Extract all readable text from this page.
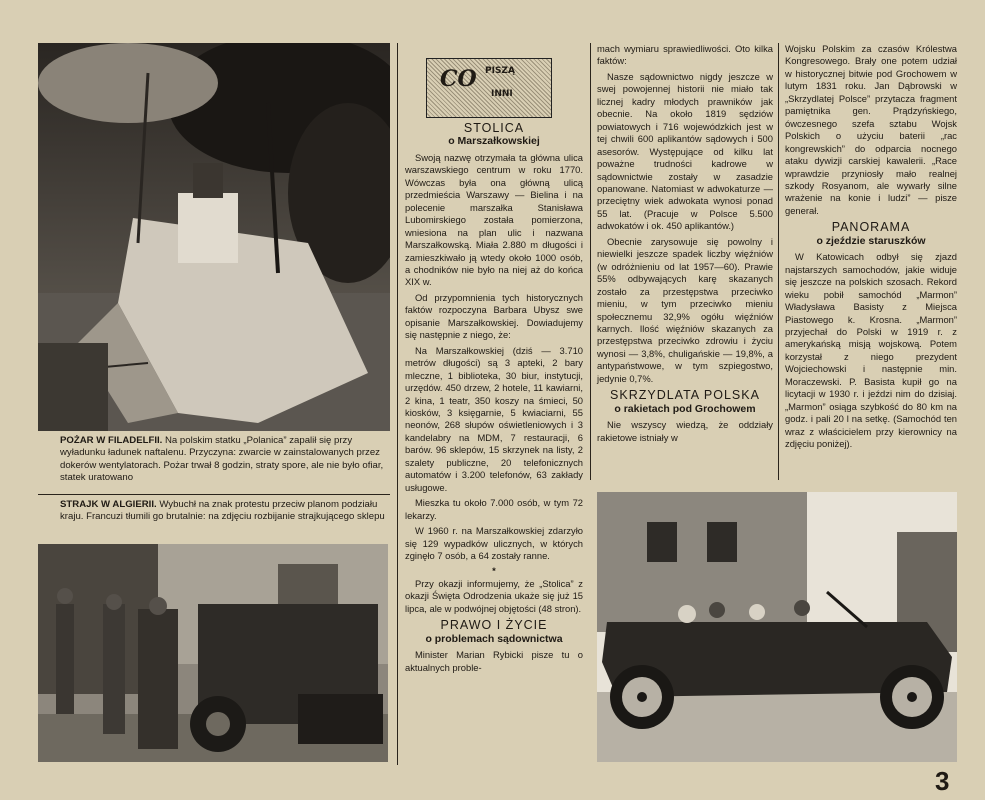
POŻAR W FILADELFII. Na polskim statku „Polanica” zapalił się przy wyładunku ładunek naftalenu. Przyczyna: zwarcie w zainstalowanych przez dokerów wentylatorach. Pożar trwał 8 godzin, straty spore, ale nie było ofiar, statek uratowano
STRAJK W ALGIERII. Wybuchł na znak protestu przeciw planom podziału kraju. Francuzi tłumili go brutalnie: na zdjęciu rozbijanie strajkującego sklepu
CO PISZĄ
INNI
STOLICA
o Marszałkowskiej

Swoją nazwę otrzymała ta główna ulica warszawskiego centrum w roku 1770. Wówczas była ona główną ulicą przedmieścia Warszawy — Bielina i na polecenie marszałka Stanisława Lubomirskiego została pomierzona, wniesiona na plan ulic i nazwana Marszałkowską. Miała 2.880 m długości i zamieszkiwało ją wtedy około 1000 osób, a chodników nie było na niej aż do końca XIX w.

Od przypomnienia tych historycznych faktów rozpoczyna Barbara Ubysz swe opisanie Marszałkowskiej. Dowiadujemy się następnie z niego, że:

Na Marszałkowskiej (dziś — 3.710 metrów długości) są 3 apteki, 2 bary mleczne, 1 biblioteka, 30 biur, instytucji, urzędów. 450 drzew, 2 hotele, 11 kawiarni, 2 kina, 1 teatr, 350 koszy na śmieci, 50 kiosków, 3 księgarnie, 5 kwiaciarni, 55 neonów, 268 słupów oświetleniowych i 3 kandelabry na MDM, 7 restauracji, 6 barów. 96 sklepów, 15 skrzynek na listy, 2 szalety publiczne, 20 telefonicznych automatów i 3.200 telefonów, 63 zakłady usługowe.

Mieszka tu około 7.000 osób, w tym 72 lekarzy.

W 1960 r. na Marszałkowskiej zdarzyło się 129 wypadków ulicznych, w których zginęło 7 osób, a 64 zostały ranne.

*

Przy okazji informujemy, że „Stolica” z okazji Święta Odrodzenia ukaże się już 15 lipca, ale w podwójnej objętości (48 stron).

PRAWO I ŻYCIE
o problemach sądownictwa

Minister Marian Rybicki pisze tu o aktualnych proble-

mach wymiaru sprawiedliwości. Oto kilka faktów:

Nasze sądownictwo nigdy jeszcze w swej powojennej historii nie miało tak licznej kadry młodych prawników jak obecnie. Na około 1819 sędziów powiatowych i 716 wojewódzkich jest w tej chwili 600 aplikantów sądowych i 500 asesorów. Występujące od kilku lat poważne trudności kadrowe w sądownictwie zostały w zasadzie opanowane. Natomiast w adwokaturze — przeciętny wiek adwokata wynosi ponad 55 lat. (Pracuje w Polsce 5.500 adwokatów i ok. 450 aplikantów.)

Obecnie zarysowuje się powolny i niewielki jeszcze spadek liczby więźniów (w odróżnieniu od lat 1957—60). Prawie 55% odbywających karę skazanych zostało za przestępstwa przeciwko mieniu, w tym przeciwko mieniu społecznemu 32,9% ogółu więźniów karnych. Ilość więźniów skazanych za przestępstwa przeciwko zdrowiu i życiu wynosi — 3,8%, chuligańskie — 19,8%, a antypaństwowe, w tym szpiegostwo, jedynie 0,7%.

SKRZYDLATA POLSKA
o rakietach pod Grochowem

Nie wszyscy wiedzą, że oddziały rakietowe istniały w

Wojsku Polskim za czasów Królestwa Kongresowego. Brały one potem udział w historycznej bitwie pod Grochowem w lutym 1831 roku. Jan Dąbrowski w „Skrzydlatej Polsce” przytacza fragment pamiętnika gen. Prądzyńskiego, ówczesnego szefa sztabu Wojsk Polskich o użyciu baterii „rac kongrewskich” do odparcia nocnego ataku dywizji carskiej kawalerii. „Race wprawdzie przyniosły mało realnej szkody Rosyanom, ale wywarły silne wrażenie na konie i ludzi” — pisze generał.

PANORAMA
o zjeździe staruszków

W Katowicach odbył się zjazd najstarszych samochodów, jakie widuje się jeszcze na polskich szosach. Rekord wieku pobił samochód „Marmon” Władysława Basisty z Miejsca Piastowego k. Krosna. „Marmon” przyjechał do Polski w 1919 r. z amerykańską misją wojskową. Potem korzystał z niego prezydent Wojciechowski i następnie min. Moraczewski. P. Basista kupił go na licytacji w 1930 r. i jeździ nim do dzisiaj. „Marmon” osiąga szybkość do 80 km na godz. i pali 20 l na setkę. (Samochód ten wraz z właścicielem przy kierownicy na zdjęciu poniżej).

3
